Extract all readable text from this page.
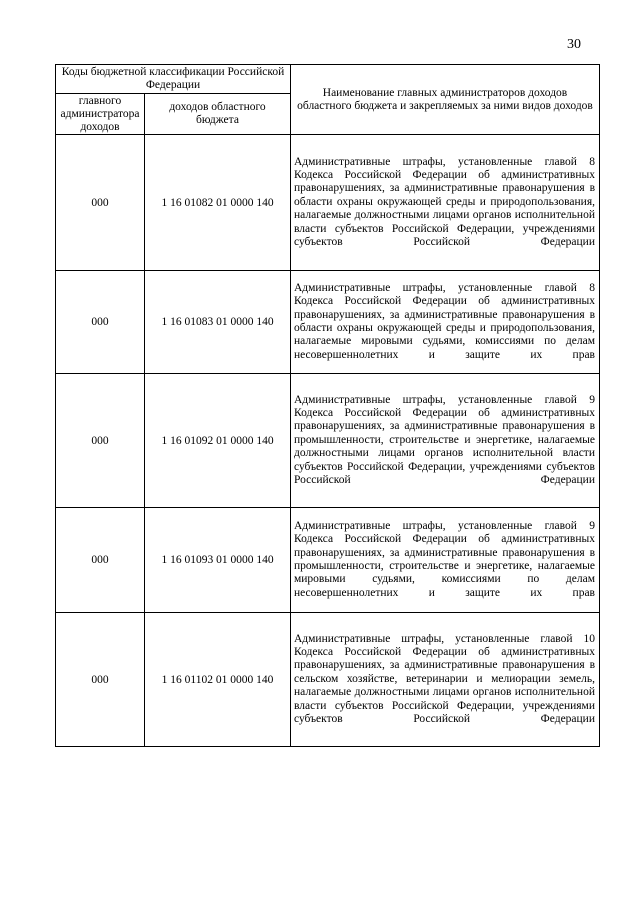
30
Коды бюджетной классификации Российской Федерации		Наименование главных администраторов доходов областного бюджета и закрепляемых за ними видов доходов
главного администратора доходов	доходов областного бюджета	
000	1 16 01082 01 0000 140	Административные штрафы, установленные главой 8 Кодекса Российской Федерации об административных правонарушениях, за административные правонарушения в области охраны окружающей среды и природопользования, налагаемые должностными лицами органов исполнительной власти субъектов Российской Федерации, учреждениями субъектов Российской Федерации
000	1 16 01083 01 0000 140	Административные штрафы, установленные главой 8 Кодекса Российской Федерации об административных правонарушениях, за административные правонарушения в области охраны окружающей среды и природопользования, налагаемые мировыми судьями, комиссиями по делам несовершеннолетних и защите их прав
000	1 16 01092 01 0000 140	Административные штрафы, установленные главой 9 Кодекса Российской Федерации об административных правонарушениях, за административные правонарушения в промышленности, строительстве и энергетике, налагаемые должностными лицами органов исполнительной власти субъектов Российской Федерации, учреждениями субъектов Российской Федерации
000	1 16 01093 01 0000 140	Административные штрафы, установленные главой 9 Кодекса Российской Федерации об административных правонарушениях, за административные правонарушения в промышленности, строительстве и энергетике, налагаемые мировыми судьями, комиссиями по делам несовершеннолетних и защите их прав
000	1 16 01102 01 0000 140	Административные штрафы, установленные главой 10 Кодекса Российской Федерации об административных правонарушениях, за административные правонарушения в сельском хозяйстве, ветеринарии и мелиорации земель, налагаемые должностными лицами органов исполнительной власти субъектов Российской Федерации, учреждениями субъектов Российской Федерации
